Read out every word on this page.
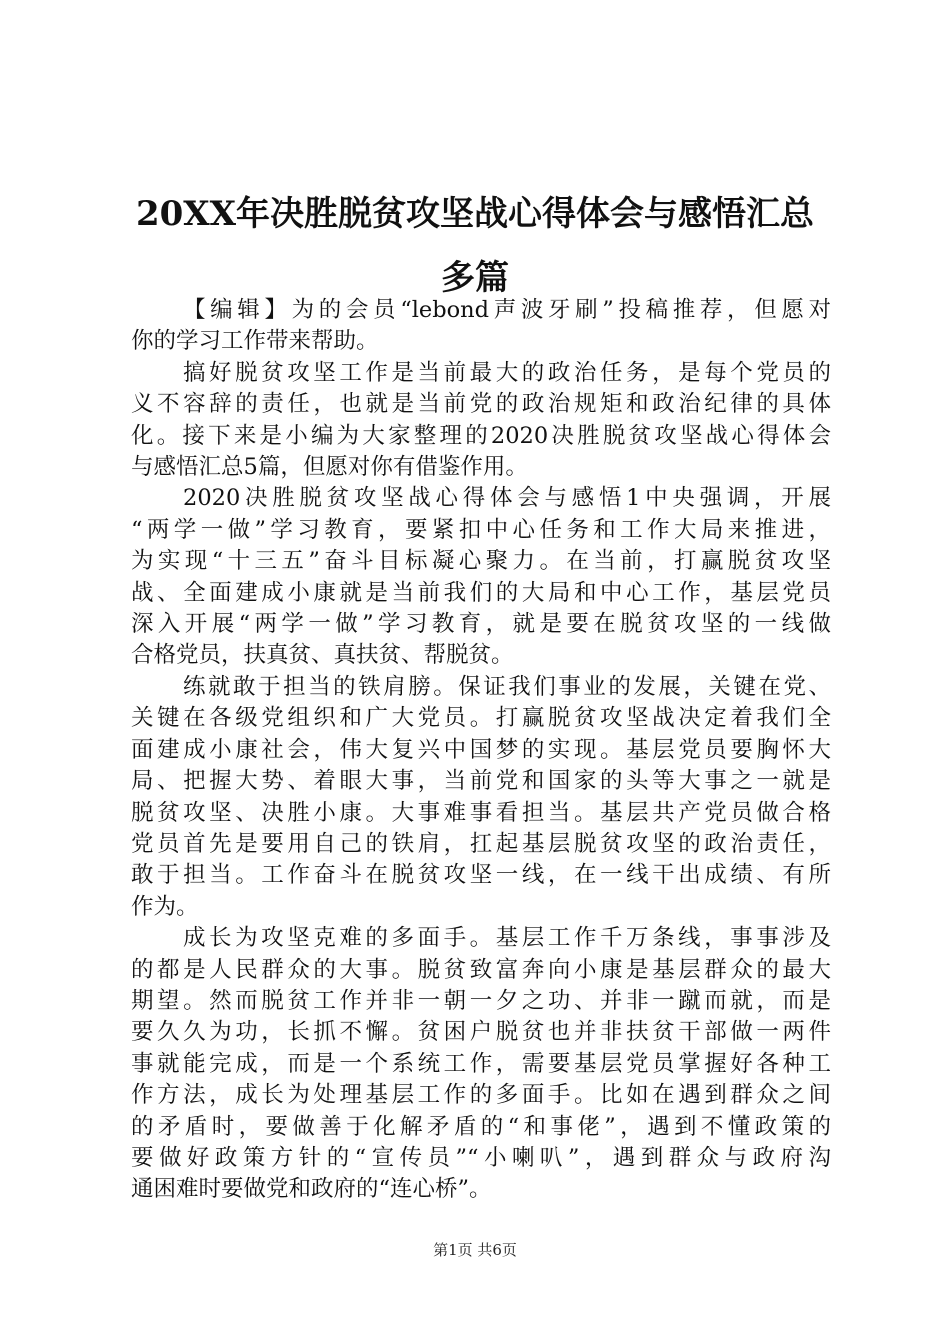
20XX年决胜脱贫攻坚战心得体会与感悟汇总
多篇

【编辑】为的会员“lebond声波牙刷”投稿推荐，但愿对
你的学习工作带来帮助。

搞好脱贫攻坚工作是当前最大的政治任务，是每个党员的
义不容辞的责任，也就是当前党的政治规矩和政治纪律的具体
化。接下来是小编为大家整理的2020决胜脱贫攻坚战心得体会
与感悟汇总5篇，但愿对你有借鉴作用。

2020决胜脱贫攻坚战心得体会与感悟1中央强调，开展
“两学一做”学习教育，要紧扣中心任务和工作大局来推进，
为实现“十三五”奋斗目标凝心聚力。在当前，打赢脱贫攻坚
战、全面建成小康就是当前我们的大局和中心工作，基层党员
深入开展“两学一做”学习教育，就是要在脱贫攻坚的一线做
合格党员，扶真贫、真扶贫、帮脱贫。

练就敢于担当的铁肩膀。保证我们事业的发展，关键在党、
关键在各级党组织和广大党员。打赢脱贫攻坚战决定着我们全
面建成小康社会，伟大复兴中国梦的实现。基层党员要胸怀大
局、把握大势、着眼大事，当前党和国家的头等大事之一就是
脱贫攻坚、决胜小康。大事难事看担当。基层共产党员做合格
党员首先是要用自己的铁肩，扛起基层脱贫攻坚的政治责任，
敢于担当。工作奋斗在脱贫攻坚一线，在一线干出成绩、有所
作为。

成长为攻坚克难的多面手。基层工作千万条线，事事涉及
的都是人民群众的大事。脱贫致富奔向小康是基层群众的最大
期望。然而脱贫工作并非一朝一夕之功、并非一蹴而就，而是
要久久为功，长抓不懈。贫困户脱贫也并非扶贫干部做一两件
事就能完成，而是一个系统工作，需要基层党员掌握好各种工
作方法，成长为处理基层工作的多面手。比如在遇到群众之间
的矛盾时，要做善于化解矛盾的“和事佬”，遇到不懂政策的
要做好政策方针的“宣传员”“小喇叭”，遇到群众与政府沟
通困难时要做党和政府的“连心桥”。

第1页 共6页
